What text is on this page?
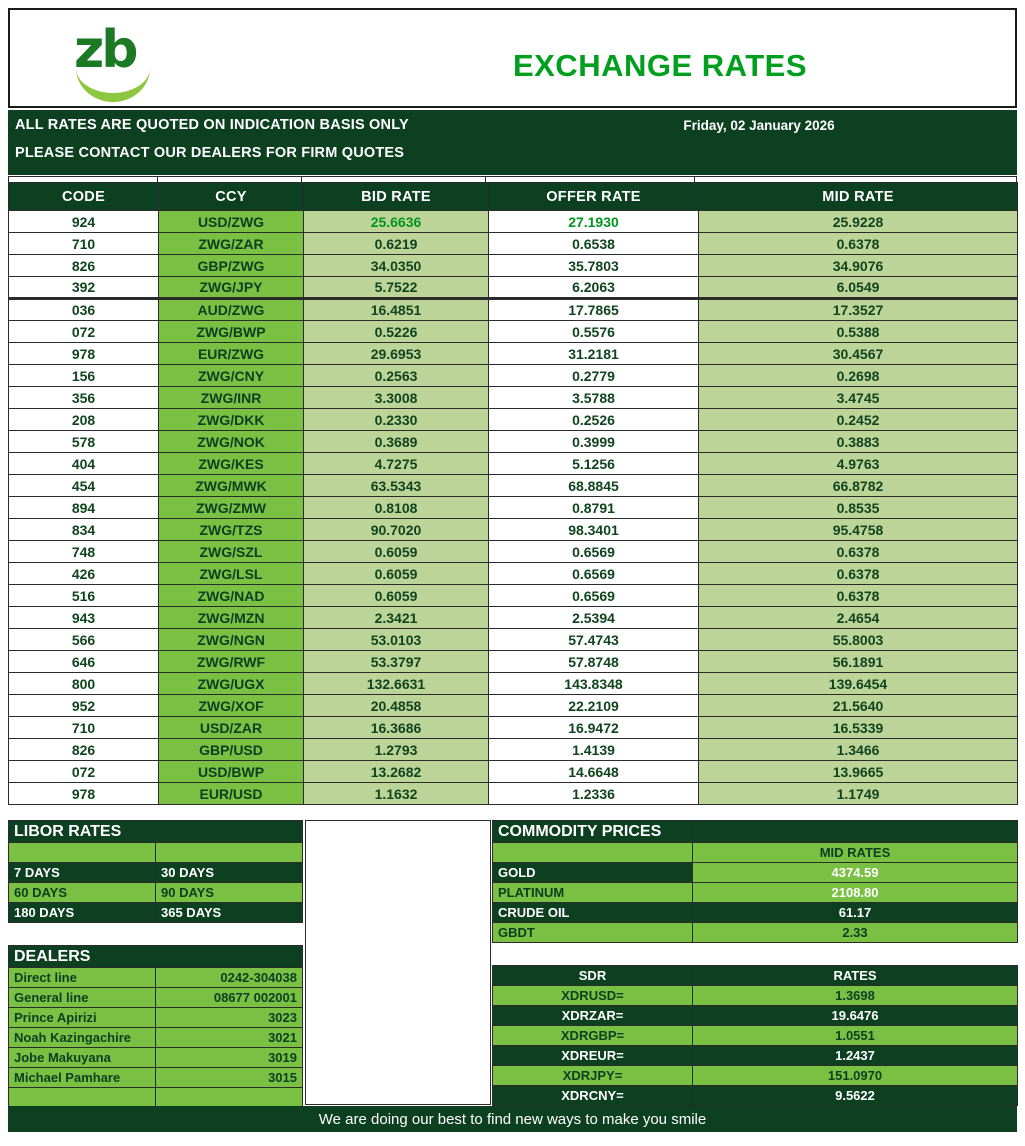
zb	EXCHANGE RATES
ALL RATES ARE QUOTED ON INDICATION BASIS ONLY
PLEASE CONTACT OUR DEALERS FOR FIRM QUOTES
Friday, 02 January 2026
CODE	CCY	BID RATE	OFFER RATE	MID RATE
924	USD/ZWG	25.6636	27.1930	25.9228
710	ZWG/ZAR	0.6219	0.6538	0.6378
826	GBP/ZWG	34.0350	35.7803	34.9076
392	ZWG/JPY	5.7522	6.2063	6.0549
036	AUD/ZWG	16.4851	17.7865	17.3527
072	ZWG/BWP	0.5226	0.5576	0.5388
978	EUR/ZWG	29.6953	31.2181	30.4567
156	ZWG/CNY	0.2563	0.2779	0.2698
356	ZWG/INR	3.3008	3.5788	3.4745
208	ZWG/DKK	0.2330	0.2526	0.2452
578	ZWG/NOK	0.3689	0.3999	0.3883
404	ZWG/KES	4.7275	5.1256	4.9763
454	ZWG/MWK	63.5343	68.8845	66.8782
894	ZWG/ZMW	0.8108	0.8791	0.8535
834	ZWG/TZS	90.7020	98.3401	95.4758
748	ZWG/SZL	0.6059	0.6569	0.6378
426	ZWG/LSL	0.6059	0.6569	0.6378
516	ZWG/NAD	0.6059	0.6569	0.6378
943	ZWG/MZN	2.3421	2.5394	2.4654
566	ZWG/NGN	53.0103	57.4743	55.8003
646	ZWG/RWF	53.3797	57.8748	56.1891
800	ZWG/UGX	132.6631	143.8348	139.6454
952	ZWG/XOF	20.4858	22.2109	21.5640
710	USD/ZAR	16.3686	16.9472	16.5339
826	GBP/USD	1.2793	1.4139	1.3466
072	USD/BWP	13.2682	14.6648	13.9665
978	EUR/USD	1.1632	1.2336	1.1749
LIBOR RATES	

7 DAYS	30 DAYS
60 DAYS	90 DAYS
180 DAYS	365 DAYS
COMMODITY PRICES	
	MID RATES
GOLD	4374.59
PLATINUM	2108.80
CRUDE OIL	61.17
GBDT	2.33
DEALERS	
Direct line	0242-304038
General line	08677 002001
Prince Apirizi	3023
Noah Kazingachire	3021
Jobe Makuyana	3019
Michael Pamhare	3015

SDR	RATES
XDRUSD=	1.3698
XDRZAR=	19.6476
XDRGBP=	1.0551
XDREUR=	1.2437
XDRJPY=	151.0970
XDRCNY=	9.5622
We are doing our best to find new ways to make you smile
